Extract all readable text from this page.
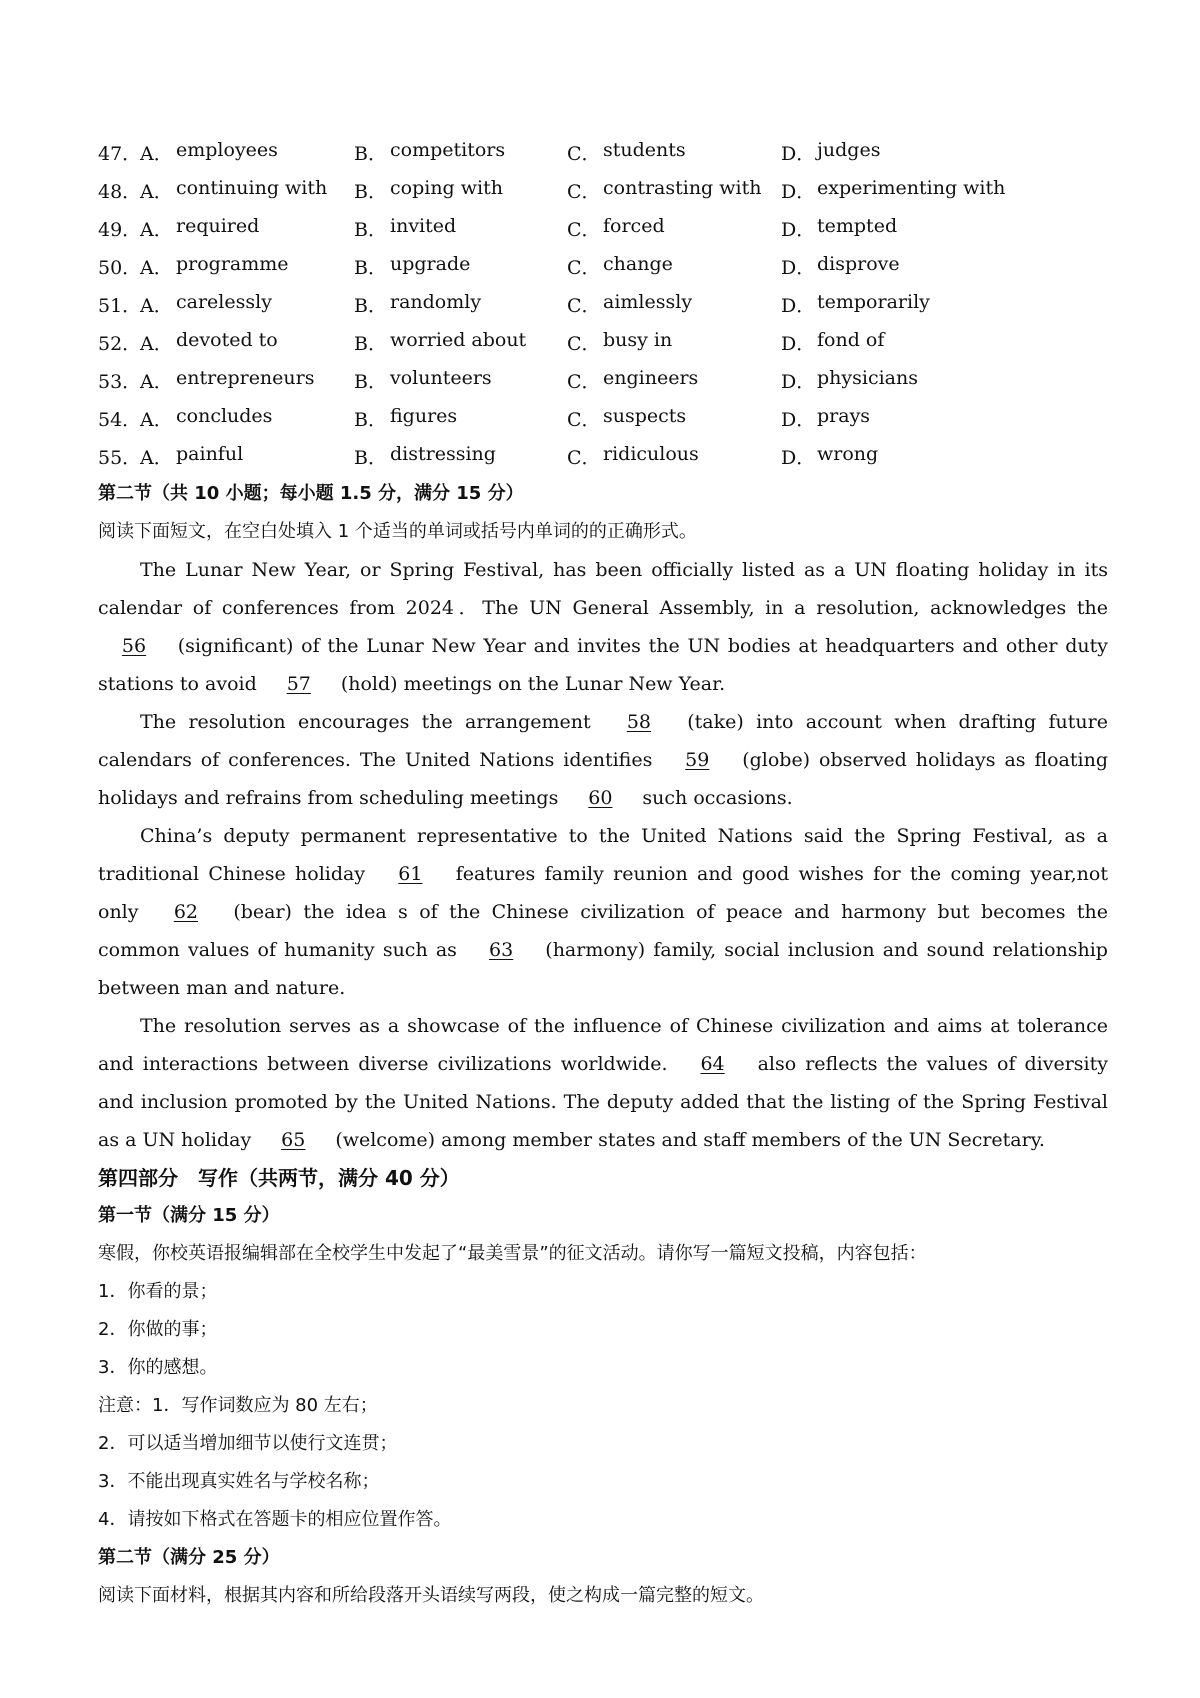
47．
A． employees	B． competitors	C． students	D． judges
48．
A． continuing with B． coping with	C． contrasting with D． experimenting with
49．
A． required	B． invited	C． forced	D． tempted
50．
A． programme	B． upgrade	C． change	D． disprove
51．
A． carelessly	B． randomly	C． aimlessly	D． temporarily
52．
A． devoted to	B． worried about C． busy in	D． fond of
53．
A． entrepreneurs B． volunteers	C． engineers	D． physicians
54．
A． concludes	B． figures	C． suspects	D． prays
55．
A． painful	B． distressing	C． ridiculous	D． wrong
第二节（共 10 小题；每小题 1.5 分，满分 15 分）
阅读下面短文，在空白处填入 1 个适当的单词或括号内单词的的正确形式。
The Lunar New Year, or Spring Festival, has been officially listed as a UN floating holiday in its calendar of conferences from 2024．The UN General Assembly, in a resolution, acknowledges the 56 (significant) of the Lunar New Year and invites the UN bodies at headquarters and other duty stations to avoid 57 (hold) meetings on the Lunar New Year.
The resolution encourages the arrangement 58 (take) into account when drafting future calendars of conferences. The United Nations identifies 59 (globe) observed holidays as floating holidays and refrains from scheduling meetings 60 such occasions.
China’s deputy permanent representative to the United Nations said the Spring Festival, as a traditional Chinese holiday 61 features family reunion and good wishes for the coming year,not only 62 (bear) the idea s of the Chinese civilization of peace and harmony but becomes the common values of humanity such as 63 (harmony) family, social inclusion and sound relationship between man and nature.
The resolution serves as a showcase of the influence of Chinese civilization and aims at tolerance and interactions between diverse civilizations worldwide. 64 also reflects the values of diversity and inclusion promoted by the United Nations. The deputy added that the listing of the Spring Festival as a UN holiday 65 (welcome) among member states and staff members of the UN Secretary.
第四部分　写作（共两节，满分 40 分）
第一节（满分 15 分）
寒假，你校英语报编辑部在全校学生中发起了“最美雪景”的征文活动。请你写一篇短文投稿，内容包括：
1．你看的景；
2．你做的事；
3．你的感想。
注意：1．写作词数应为 80 左右；
2．可以适当增加细节以使行文连贯；
3．不能出现真实姓名与学校名称；
4．请按如下格式在答题卡的相应位置作答。
第二节（满分 25 分）
阅读下面材料，根据其内容和所给段落开头语续写两段，使之构成一篇完整的短文。
